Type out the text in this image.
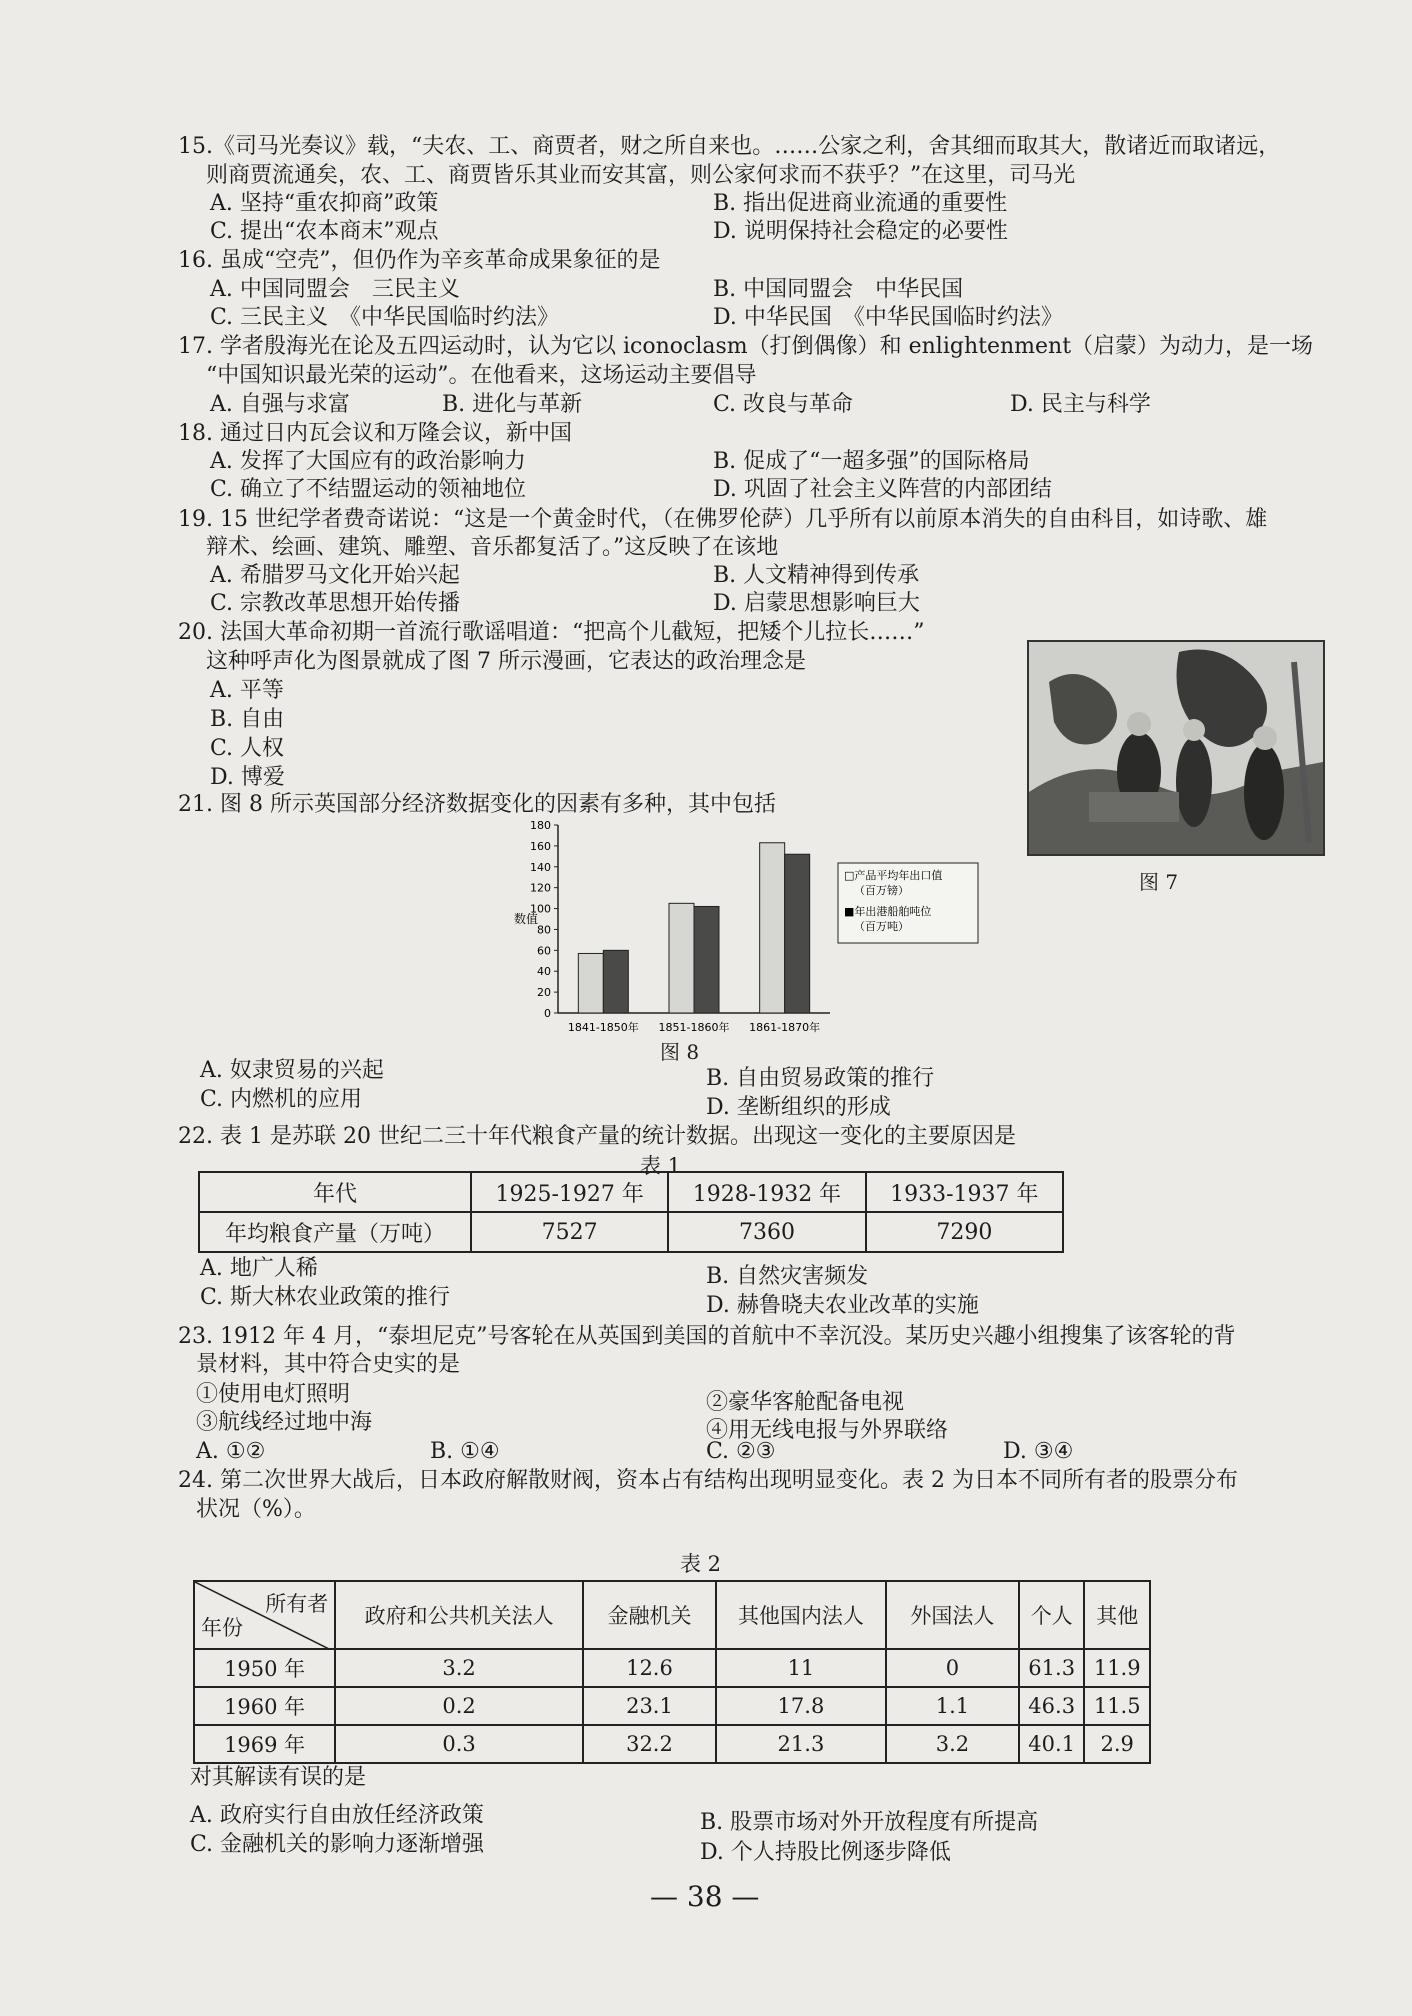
15.《司马光奏议》载，“夫农、工、商贾者，财之所自来也。……公家之利，舍其细而取其大，散诸近而取诸远，
则商贾流通矣，农、工、商贾皆乐其业而安其富，则公家何求而不获乎？”在这里，司马光
A. 坚持“重农抑商”政策	B. 指出促进商业流通的重要性
C. 提出“农本商末”观点	D. 说明保持社会稳定的必要性
16. 虽成“空壳”，但仍作为辛亥革命成果象征的是
A. 中国同盟会　三民主义	B. 中国同盟会　中华民国
C. 三民主义　《中华民国临时约法》	D. 中华民国　《中华民国临时约法》
17. 学者殷海光在论及五四运动时，认为它以 iconoclasm（打倒偶像）和 enlightenment（启蒙）为动力，是一场
“中国知识最光荣的运动”。在他看来，这场运动主要倡导
A. 自强与求富	B. 进化与革新	C. 改良与革命	D. 民主与科学
18. 通过日内瓦会议和万隆会议，新中国
A. 发挥了大国应有的政治影响力	B. 促成了“一超多强”的国际格局
C. 确立了不结盟运动的领袖地位	D. 巩固了社会主义阵营的内部团结
19. 15 世纪学者费奇诺说：“这是一个黄金时代，（在佛罗伦萨）几乎所有以前原本消失的自由科目，如诗歌、雄
辩术、绘画、建筑、雕塑、音乐都复活了。”这反映了在该地
A. 希腊罗马文化开始兴起	B. 人文精神得到传承
C. 宗教改革思想开始传播	D. 启蒙思想影响巨大
20. 法国大革命初期一首流行歌谣唱道：“把高个儿截短，把矮个儿拉长……”
这种呼声化为图景就成了图 7 所示漫画，它表达的政治理念是
A. 平等
B. 自由
C. 人权
D. 博爱
图 7
21. 图 8 所示英国部分经济数据变化的因素有多种，其中包括
0
20
40
60
80
100
120
140
160
180
数值
1841-1850年 1851-1860年 1861-1870年
□产品平均年出口值
（百万镑）
■年出港船舶吨位
（百万吨）
图 8
A. 奴隶贸易的兴起	B. 自由贸易政策的推行
C. 内燃机的应用	D. 垄断组织的形成
22. 表 1 是苏联 20 世纪二三十年代粮食产量的统计数据。出现这一变化的主要原因是
表 1
年代	1925-1927 年	1928-1932 年	1933-1937 年
年均粮食产量（万吨）	7527	7360	7290
A. 地广人稀	B. 自然灾害频发
C. 斯大林农业政策的推行	D. 赫鲁晓夫农业改革的实施
23. 1912 年 4 月，“泰坦尼克”号客轮在从英国到美国的首航中不幸沉没。某历史兴趣小组搜集了该客轮的背
景材料，其中符合史实的是
①使用电灯照明	②豪华客舱配备电视
③航线经过地中海	④用无线电报与外界联络
A. ①②	B. ①④	C. ②③	D. ③④
24. 第二次世界大战后，日本政府解散财阀，资本占有结构出现明显变化。表 2 为日本不同所有者的股票分布
状况（%）。
表 2
所有者
年份	政府和公共机关法人	金融机关	其他国内法人	外国法人	个人	其他
1950 年	3.2	12.6	11	0	61.3	11.9
1960 年	0.2	23.1	17.8	1.1	46.3	11.5
1969 年	0.3	32.2	21.3	3.2	40.1	2.9
对其解读有误的是
A. 政府实行自由放任经济政策	B. 股票市场对外开放程度有所提高
C. 金融机关的影响力逐渐增强	D. 个人持股比例逐步降低
— 38 —
